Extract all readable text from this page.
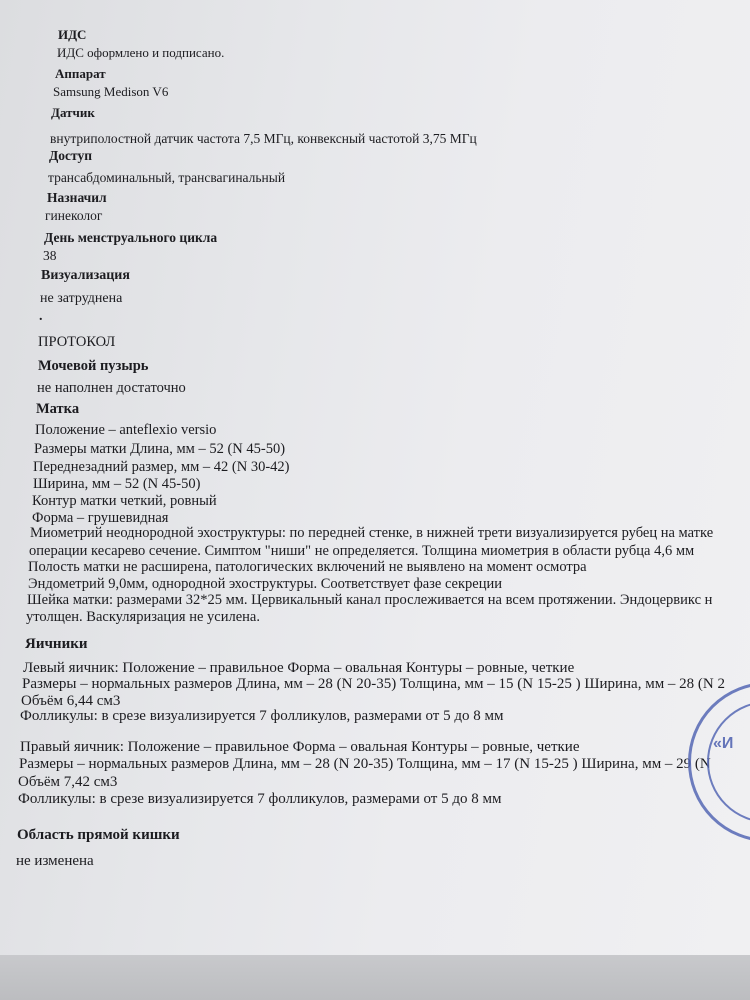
ИДС
ИДС оформлено и подписано.
Аппарат
Samsung Medison V6
Датчик
внутриполостной датчик частота 7,5 МГц, конвексный частотой 3,75 МГц
Доступ
трансабдоминальный, трансвагинальный
Назначил
гинеколог
День менструального цикла
38
Визуализация
не затруднена
.
ПРОТОКОЛ
Мочевой пузырь
не наполнен достаточно
Матка
Положение – anteflexio versio
Размеры матки Длина, мм – 52 (N 45-50)
Переднезадний размер, мм – 42 (N 30-42)
Ширина, мм – 52 (N 45-50)
Контур матки четкий, ровный
Форма – грушевидная
Миометрий неоднородной эхоструктуры: по передней стенке, в нижней трети визуализируется рубец на матке
операции кесарево сечение. Симптом "ниши" не определяется. Толщина миометрия в области рубца 4,6 мм
Полость матки не расширена, патологических включений не выявлено на момент осмотра
Эндометрий 9,0мм, однородной эхоструктуры. Соответствует фазе секреции
Шейка матки: размерами 32*25 мм. Цервикальный канал прослеживается на всем протяжении. Эндоцервикс н
утолщен. Васкуляризация не усилена.
Яичники
Левый яичник: Положение – правильное Форма – овальная Контуры – ровные, четкие
Размеры – нормальных размеров Длина, мм – 28 (N 20-35) Толщина, мм – 15 (N 15-25 ) Ширина, мм – 28 (N 2
Объём 6,44 см3
Фолликулы: в срезе визуализируется 7 фолликулов, размерами от 5 до 8 мм
Правый яичник: Положение – правильное Форма – овальная Контуры – ровные, четкие
Размеры – нормальных размеров Длина, мм – 28 (N 20-35) Толщина, мм – 17 (N 15-25 ) Ширина, мм – 29 (N
Объём 7,42 см3
Фолликулы: в срезе визуализируется 7 фолликулов, размерами от 5 до 8 мм
Область прямой кишки
не изменена
«И
